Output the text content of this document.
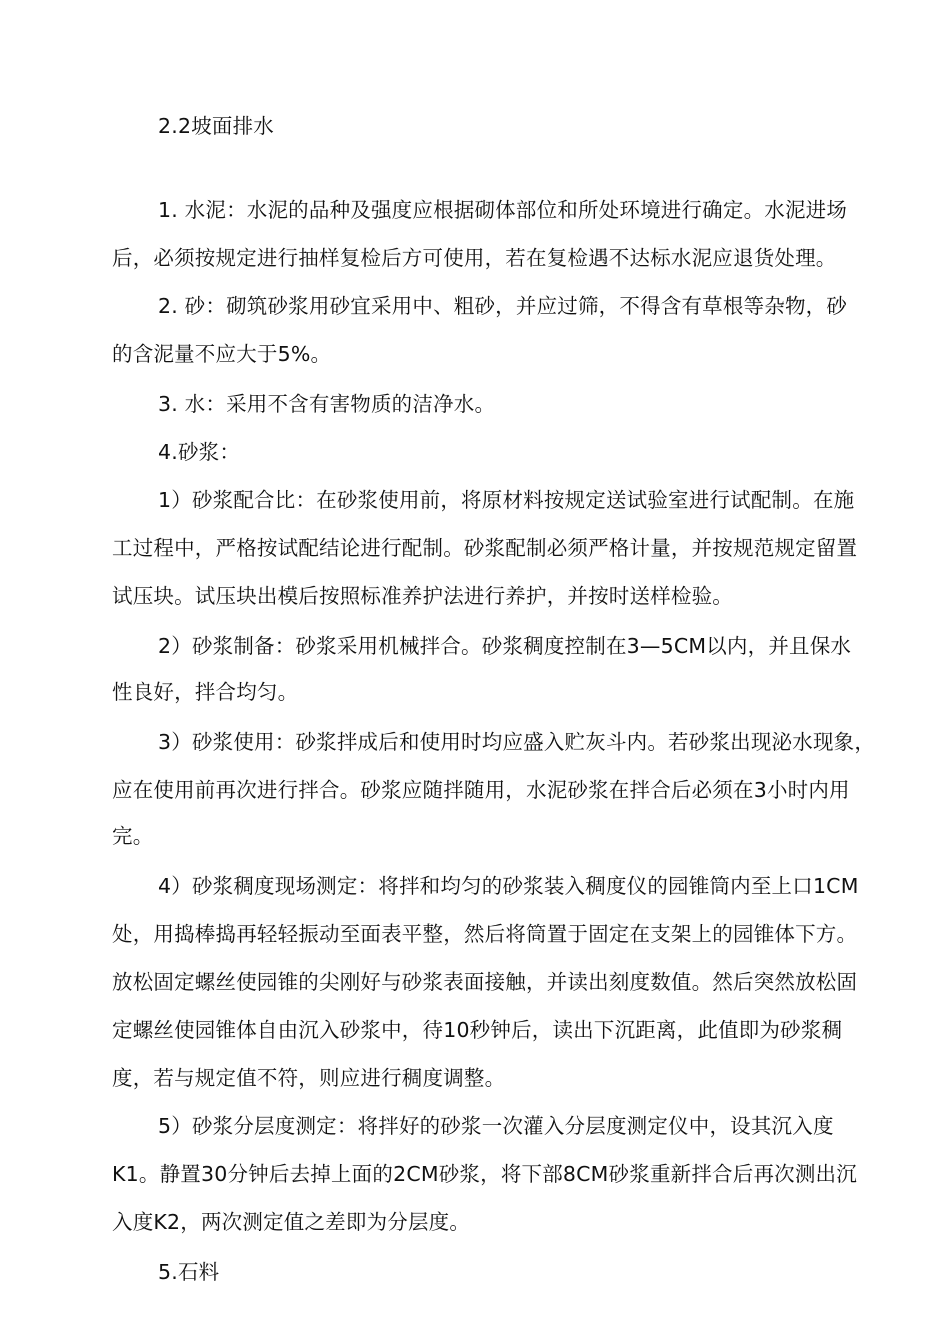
2.2坡面排水
1. 水泥：水泥的品种及强度应根据砌体部位和所处环境进行确定。水泥进场
后，必须按规定进行抽样复检后方可使用，若在复检遇不达标水泥应退货处理。
2. 砂：砌筑砂浆用砂宜采用中、粗砂，并应过筛，不得含有草根等杂物，砂
的含泥量不应大于5%。
3. 水：采用不含有害物质的洁净水。
4.砂浆：
1）砂浆配合比：在砂浆使用前，将原材料按规定送试验室进行试配制。在施
工过程中，严格按试配结论进行配制。砂浆配制必须严格计量，并按规范规定留置
试压块。试压块出模后按照标准养护法进行养护，并按时送样检验。
2）砂浆制备：砂浆采用机械拌合。砂浆稠度控制在3—5CM以内，并且保水
性良好，拌合均匀。
3）砂浆使用：砂浆拌成后和使用时均应盛入贮灰斗内。若砂浆出现泌水现象，
应在使用前再次进行拌合。砂浆应随拌随用，水泥砂浆在拌合后必须在3小时内用
完。
4）砂浆稠度现场测定：将拌和均匀的砂浆装入稠度仪的园锥筒内至上口1CM
处，用捣棒捣再轻轻振动至面表平整，然后将筒置于固定在支架上的园锥体下方。
放松固定螺丝使园锥的尖刚好与砂浆表面接触，并读出刻度数值。然后突然放松固
定螺丝使园锥体自由沉入砂浆中，待10秒钟后，读出下沉距离，此值即为砂浆稠
度，若与规定值不符，则应进行稠度调整。
5）砂浆分层度测定：将拌好的砂浆一次灌入分层度测定仪中，设其沉入度
K1。静置30分钟后去掉上面的2CM砂浆，将下部8CM砂浆重新拌合后再次测出沉
入度K2，两次测定值之差即为分层度。
5.石料
